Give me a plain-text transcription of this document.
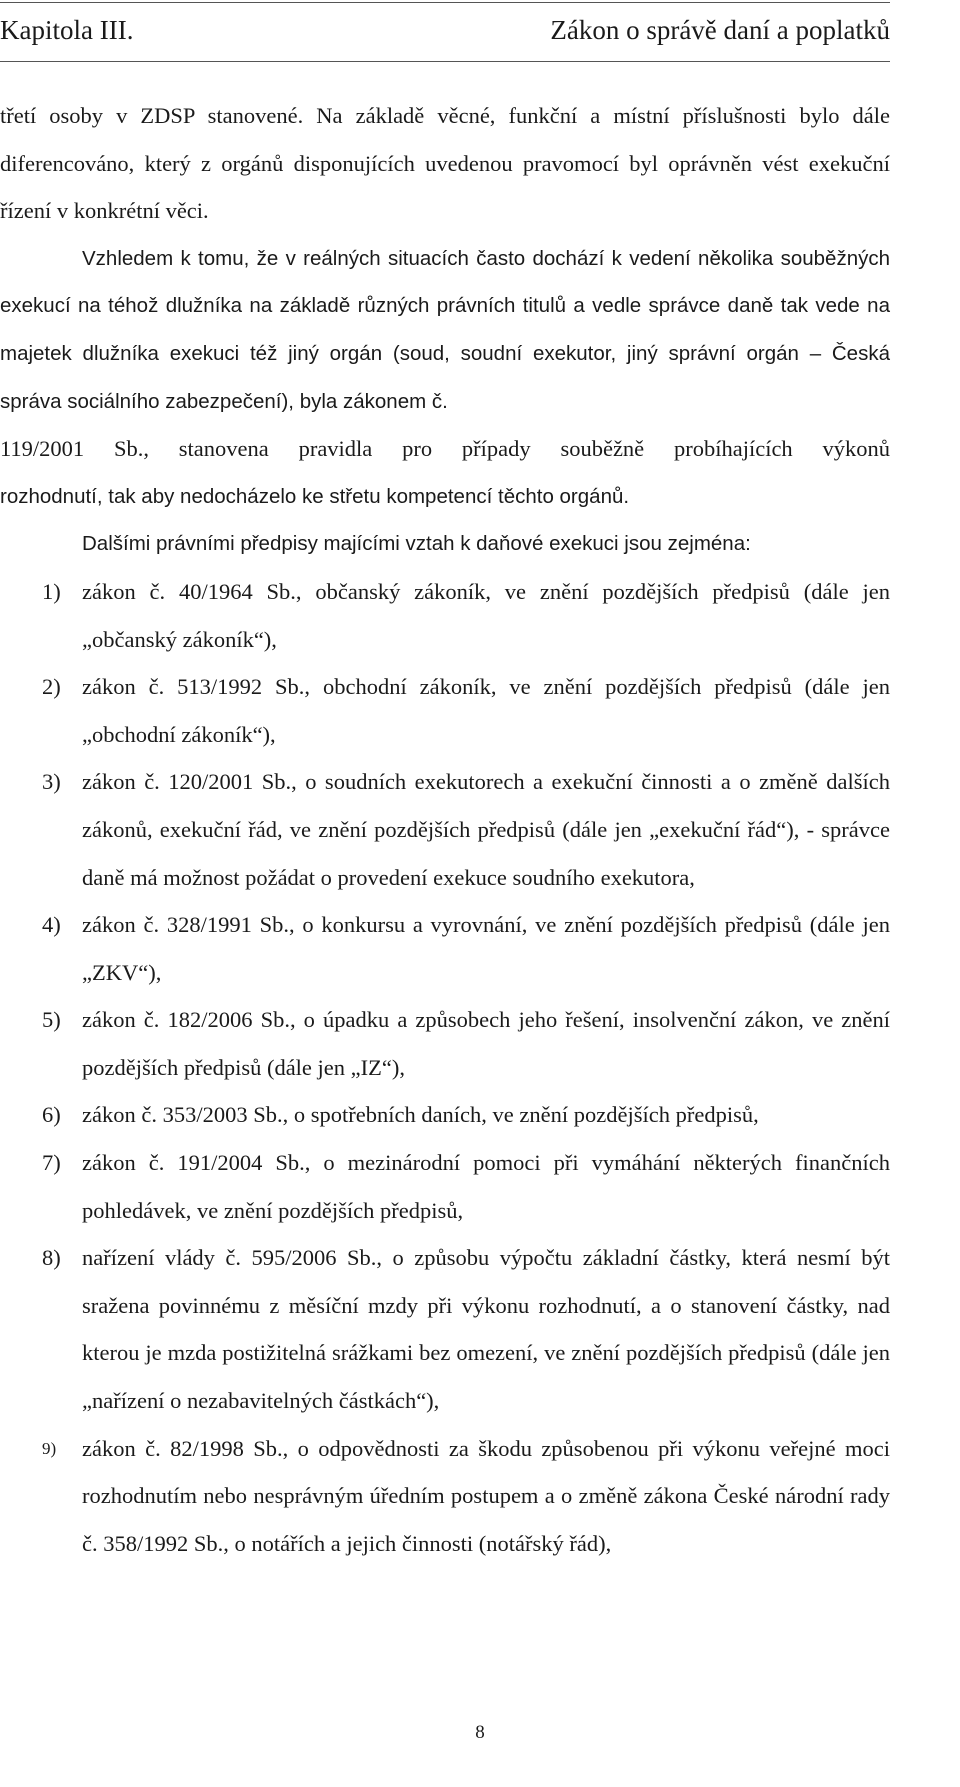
Kapitola III.	Zákon o správě daní a poplatků

třetí osoby v ZDSP stanovené. Na základě věcné, funkční a místní příslušnosti bylo dále diferencováno, který z orgánů disponujících uvedenou pravomocí byl oprávněn vést exekuční řízení v konkrétní věci.

Vzhledem k tomu, že v reálných situacích často dochází k vedení několika souběžných exekucí na téhož dlužníka na základě různých právních titulů a vedle správce daně tak vede na majetek dlužníka exekuci též jiný orgán (soud, soudní exekutor, jiný správní orgán – Česká správa sociálního zabezpečení), byla zákonem č.

119/2001 Sb., stanovena pravidla pro případy souběžně probíhajících výkonů

rozhodnutí, tak aby nedocházelo ke střetu kompetencí těchto orgánů.

Dalšími právními předpisy majícími vztah k daňové exekuci jsou zejména:

1) zákon č. 40/1964 Sb., občanský zákoník, ve znění pozdějších předpisů (dále jen „občanský zákoník“),
2) zákon č. 513/1992 Sb., obchodní zákoník, ve znění pozdějších předpisů (dále jen „obchodní zákoník“),
3) zákon č. 120/2001 Sb., o soudních exekutorech a exekuční činnosti a o změně dalších zákonů, exekuční řád, ve znění pozdějších předpisů (dále jen „exekuční řád“), - správce daně má možnost požádat o provedení exekuce soudního exekutora,
4) zákon č. 328/1991 Sb., o konkursu a vyrovnání, ve znění pozdějších předpisů (dále jen „ZKV“),
5) zákon č. 182/2006 Sb., o úpadku a způsobech jeho řešení, insolvenční zákon, ve znění pozdějších předpisů (dále jen „IZ“),
6) zákon č. 353/2003 Sb., o spotřebních daních, ve znění pozdějších předpisů,
7) zákon č. 191/2004 Sb., o mezinárodní pomoci při vymáhání některých finančních pohledávek, ve znění pozdějších předpisů,
8) nařízení vlády č. 595/2006 Sb., o způsobu výpočtu základní částky, která nesmí být sražena povinnému z měsíční mzdy při výkonu rozhodnutí, a o stanovení částky, nad kterou je mzda postižitelná srážkami bez omezení, ve znění pozdějších předpisů (dále jen „nařízení o nezabavitelných částkách“),
9) zákon č. 82/1998 Sb., o odpovědnosti za škodu způsobenou při výkonu veřejné moci rozhodnutím nebo nesprávným úředním postupem a o změně zákona České národní rady č. 358/1992 Sb., o notářích a jejich činnosti (notářský řád),
8
